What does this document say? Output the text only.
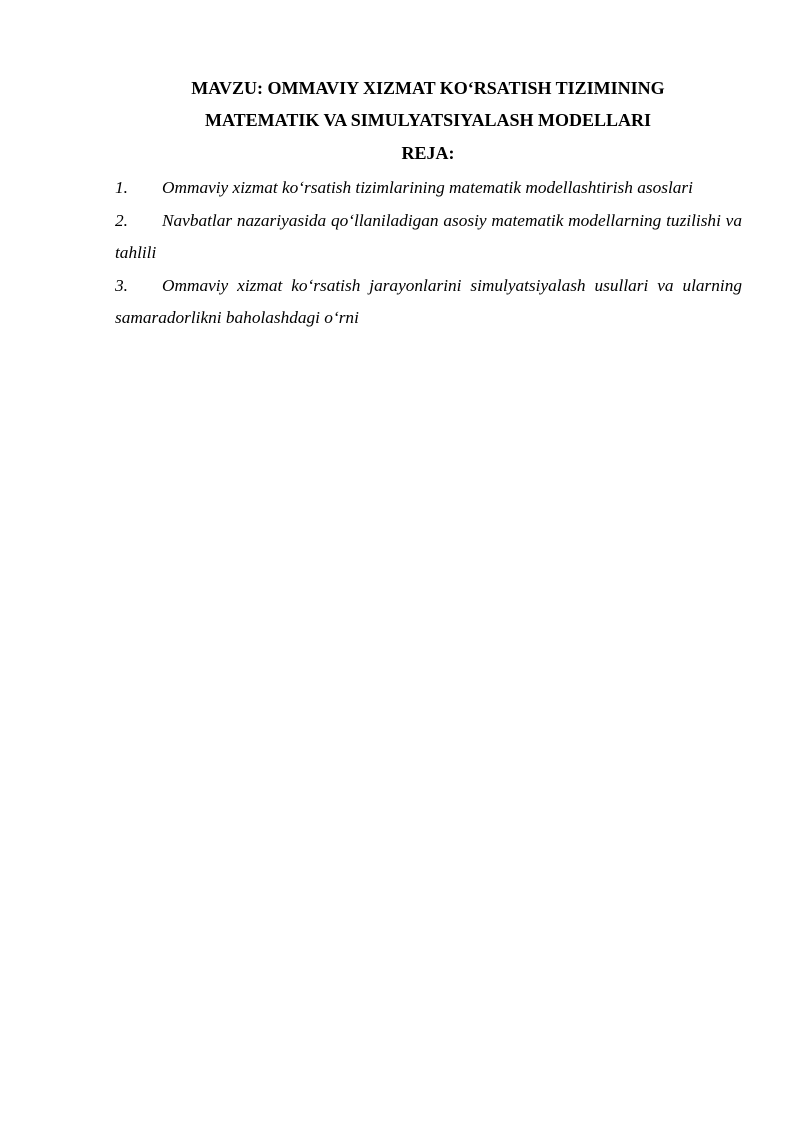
MAVZU: OMMAVIY XIZMAT KO‘RSATISH TIZIMINING
MATEMATIK VA SIMULYATSIYALASH MODELLARI
REJA:

1. Ommaviy xizmat ko‘rsatish tizimlarining matematik modellashtirish asoslari

2. Navbatlar nazariyasida qo‘llaniladigan asosiy matematik modellarning tuzilishi va tahlili

3. Ommaviy xizmat ko‘rsatish jarayonlarini simulyatsiyalash usullari va ularning samaradorlikni baholashdagi o‘rni
